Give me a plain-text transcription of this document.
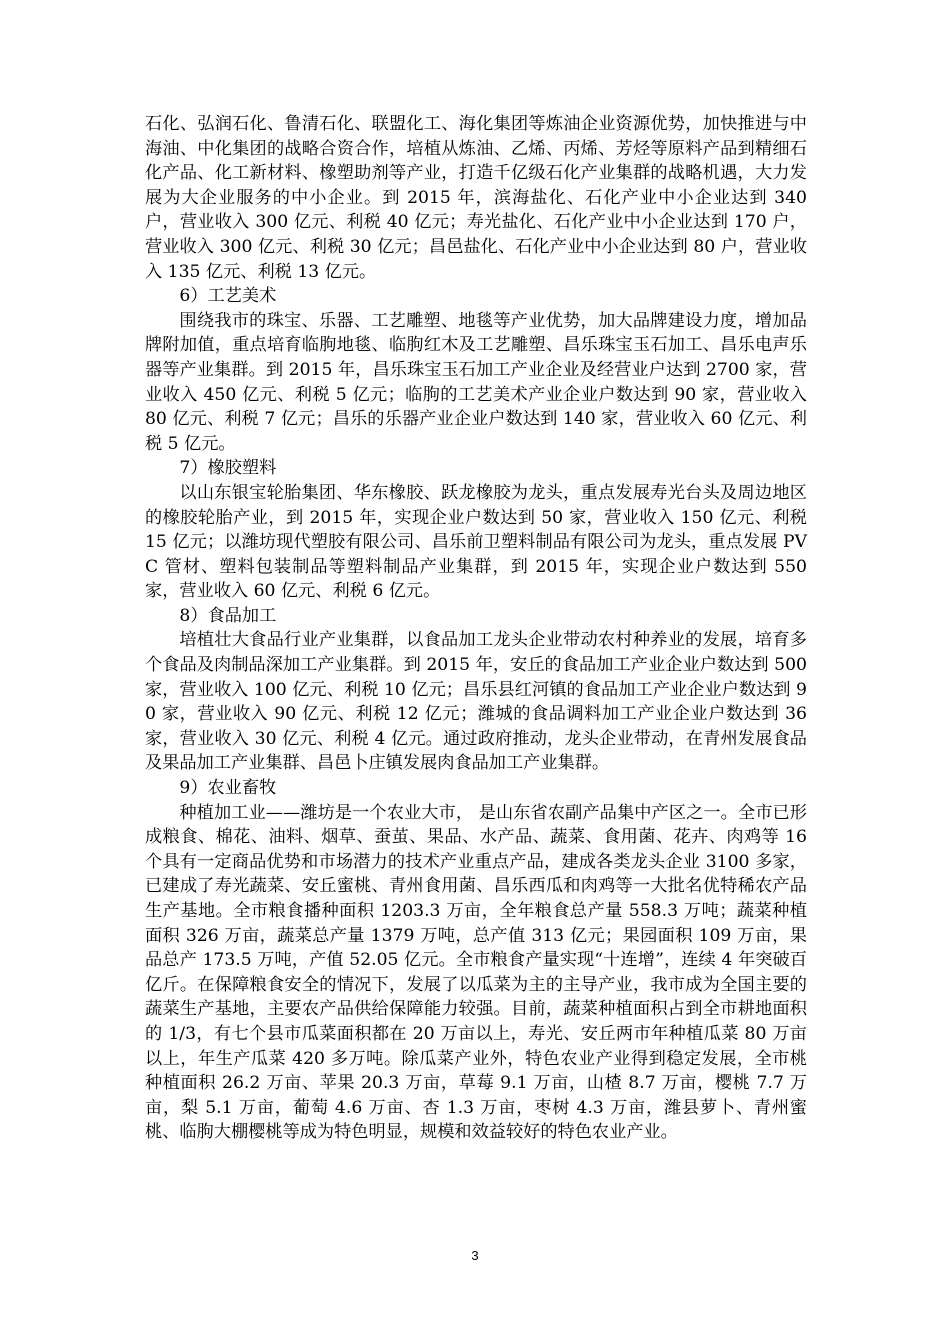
石化、弘润石化、鲁清石化、联盟化工、海化集团等炼油企业资源优势，加快推进与中海油、中化集团的战略合资合作，培植从炼油、乙烯、丙烯、芳烃等原料产品到精细石化产品、化工新材料、橡塑助剂等产业，打造千亿级石化产业集群的战略机遇，大力发展为大企业服务的中小企业。到 2015 年，滨海盐化、石化产业中小企业达到 340 户，营业收入 300 亿元、利税 40 亿元；寿光盐化、石化产业中小企业达到 170 户，营业收入 300 亿元、利税 30 亿元；昌邑盐化、石化产业中小企业达到 80 户，营业收入 135 亿元、利税 13 亿元。

6）工艺美术

围绕我市的珠宝、乐器、工艺雕塑、地毯等产业优势，加大品牌建设力度，增加品牌附加值，重点培育临朐地毯、临朐红木及工艺雕塑、昌乐珠宝玉石加工、昌乐电声乐器等产业集群。到 2015 年，昌乐珠宝玉石加工产业企业及经营业户达到 2700 家，营业收入 450 亿元、利税 5 亿元；临朐的工艺美术产业企业户数达到 90 家，营业收入 80 亿元、利税 7 亿元；昌乐的乐器产业企业户数达到 140 家，营业收入 60 亿元、利税 5 亿元。

7）橡胶塑料

以山东银宝轮胎集团、华东橡胶、跃龙橡胶为龙头，重点发展寿光台头及周边地区的橡胶轮胎产业，到 2015 年，实现企业户数达到 50 家，营业收入 150 亿元、利税 15 亿元；以潍坊现代塑胶有限公司、昌乐前卫塑料制品有限公司为龙头，重点发展 PVC 管材、塑料包装制品等塑料制品产业集群，到 2015 年，实现企业户数达到 550 家，营业收入 60 亿元、利税 6 亿元。

8）食品加工

培植壮大食品行业产业集群，以食品加工龙头企业带动农村种养业的发展，培育多个食品及肉制品深加工产业集群。到 2015 年，安丘的食品加工产业企业户数达到 500 家，营业收入 100 亿元、利税 10 亿元；昌乐县红河镇的食品加工产业企业户数达到 90 家，营业收入 90 亿元、利税 12 亿元；潍城的食品调料加工产业企业户数达到 36 家，营业收入 30 亿元、利税 4 亿元。通过政府推动，龙头企业带动，在青州发展食品及果品加工产业集群、昌邑卜庄镇发展肉食品加工产业集群。

9）农业畜牧

种植加工业——潍坊是一个农业大市， 是山东省农副产品集中产区之一。全市已形成粮食、棉花、油料、烟草、蚕茧、果品、水产品、蔬菜、食用菌、花卉、肉鸡等 16 个具有一定商品优势和市场潜力的技术产业重点产品，建成各类龙头企业 3100 多家，已建成了寿光蔬菜、安丘蜜桃、青州食用菌、昌乐西瓜和肉鸡等一大批名优特稀农产品生产基地。全市粮食播种面积 1203.3 万亩，全年粮食总产量 558.3 万吨；蔬菜种植面积 326 万亩，蔬菜总产量 1379 万吨，总产值 313 亿元；果园面积 109 万亩，果品总产 173.5 万吨，产值 52.05 亿元。全市粮食产量实现“十连增”，连续 4 年突破百亿斤。在保障粮食安全的情况下，发展了以瓜菜为主的主导产业，我市成为全国主要的蔬菜生产基地，主要农产品供给保障能力较强。目前，蔬菜种植面积占到全市耕地面积的 1/3，有七个县市瓜菜面积都在 20 万亩以上，寿光、安丘两市年种植瓜菜 80 万亩以上，年生产瓜菜 420 多万吨。除瓜菜产业外，特色农业产业得到稳定发展，全市桃种植面积 26.2 万亩、苹果 20.3 万亩，草莓 9.1 万亩，山楂 8.7 万亩，樱桃 7.7 万亩，梨 5.1 万亩，葡萄 4.6 万亩、杏 1.3 万亩，枣树 4.3 万亩，潍县萝卜、青州蜜桃、临朐大棚樱桃等成为特色明显，规模和效益较好的特色农业产业。

3
